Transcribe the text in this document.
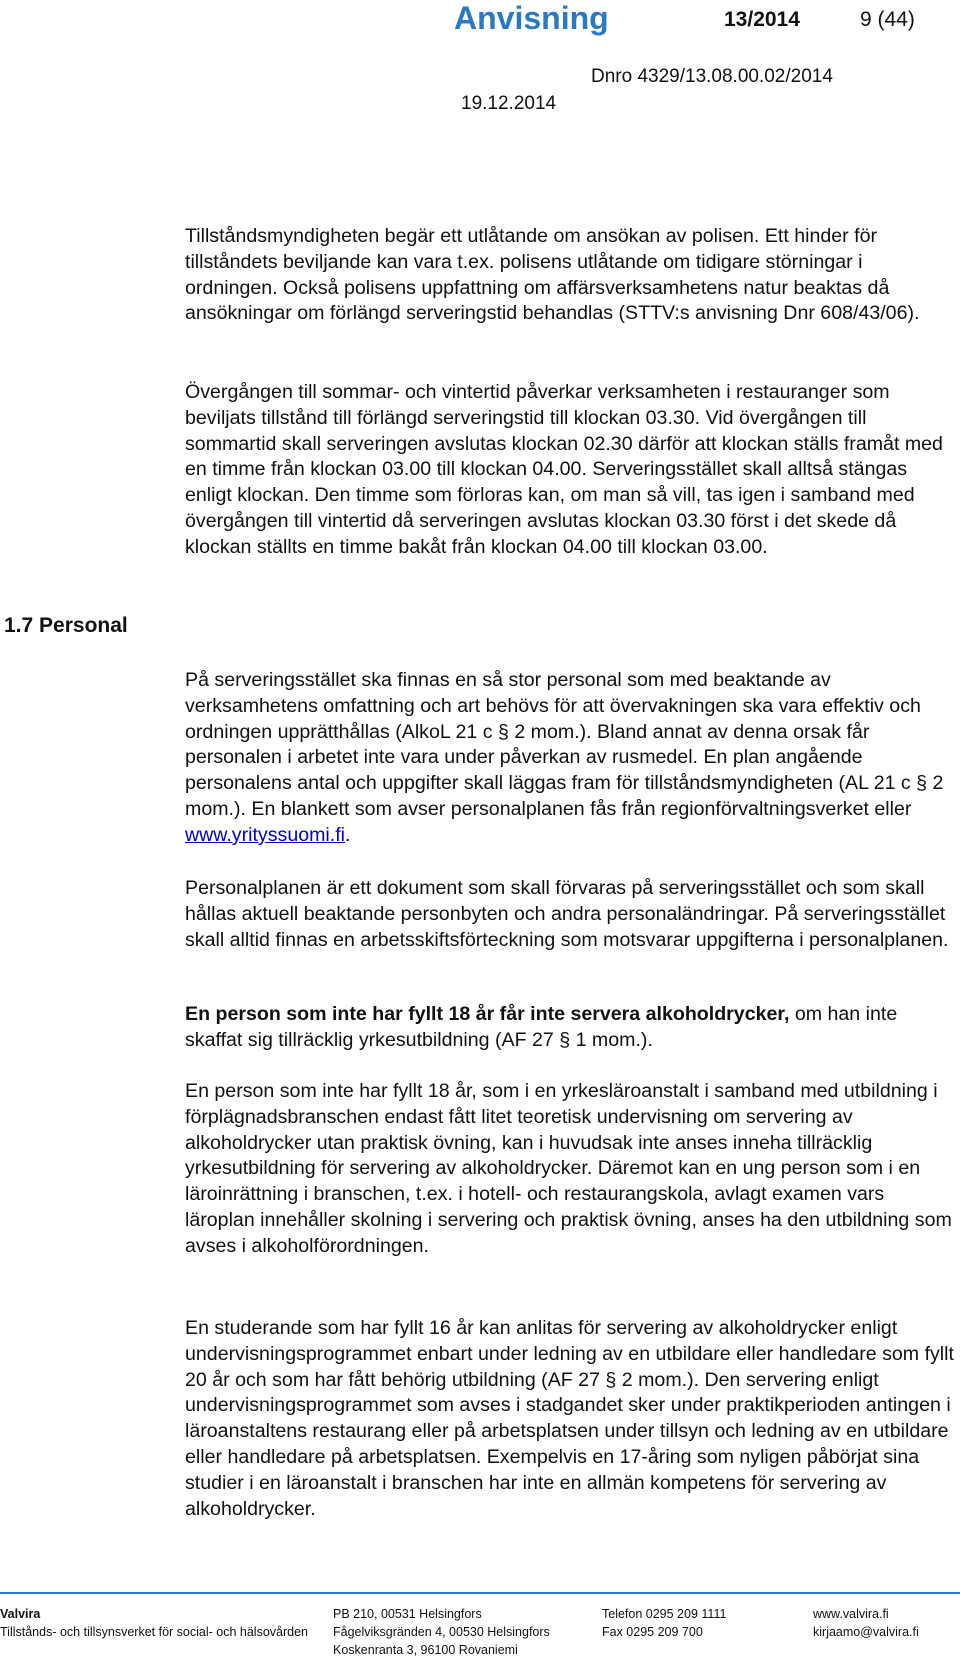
Anvisning	13/2014	9 (44)
Dnro 4329/13.08.00.02/2014
19.12.2014
1.7 Personal

Tillståndsmyndigheten begär ett utlåtande om ansökan av polisen. Ett hinder för tillståndets beviljande kan vara t.ex. polisens utlåtande om tidigare störningar i ordningen. Också polisens uppfattning om affärsverksamhetens natur beaktas då ansökningar om förlängd serveringstid behandlas (STTV:s anvisning Dnr 608/43/06).

Övergången till sommar- och vintertid påverkar verksamheten i restauranger som beviljats tillstånd till förlängd serveringstid till klockan 03.30. Vid övergången till sommartid skall serveringen avslutas klockan 02.30 därför att klockan ställs framåt med en timme från klockan 03.00 till klockan 04.00. Serveringsstället skall alltså stängas enligt klockan. Den timme som förloras kan, om man så vill, tas igen i samband med övergången till vintertid då serveringen avslutas klockan 03.30 först i det skede då klockan ställts en timme bakåt från klockan 04.00 till klockan 03.00.

På serveringsstället ska finnas en så stor personal som med beaktande av verksamhetens omfattning och art behövs för att övervakningen ska vara effektiv och ordningen upprätthållas (AlkoL 21 c § 2 mom.). Bland annat av denna orsak får personalen i arbetet inte vara under påverkan av rusmedel. En plan angående personalens antal och uppgifter skall läggas fram för tillståndsmyndigheten (AL 21 c § 2 mom.). En blankett som avser personalplanen fås från regionförvaltningsverket eller www.yrityssuomi.fi.

Personalplanen är ett dokument som skall förvaras på serveringsstället och som skall hållas aktuell beaktande personbyten och andra personaländringar. På serveringsstället skall alltid finnas en arbetsskiftsförteckning som motsvarar uppgifterna i personalplanen.

En person som inte har fyllt 18 år får inte servera alkoholdrycker, om han inte skaffat sig tillräcklig yrkesutbildning (AF 27 § 1 mom.).

En person som inte har fyllt 18 år, som i en yrkesläroanstalt i samband med utbildning i förplägnadsbranschen endast fått litet teoretisk undervisning om servering av alkoholdrycker utan praktisk övning, kan i huvudsak inte anses inneha tillräcklig yrkesutbildning för servering av alkoholdrycker. Däremot kan en ung person som i en läroinrättning i branschen, t.ex. i hotell- och restaurangskola, avlagt examen vars läroplan innehåller skolning i servering och praktisk övning, anses ha den utbildning som avses i alkoholförordningen.

En studerande som har fyllt 16 år kan anlitas för servering av alkoholdrycker enligt undervisningsprogrammet enbart under ledning av en utbildare eller handledare som fyllt 20 år och som har fått behörig utbildning (AF 27 § 2 mom.). Den servering enligt undervisningsprogrammet som avses i stadgandet sker under praktikperioden antingen i läroanstaltens restaurang eller på arbetsplatsen under tillsyn och ledning av en utbildare eller handledare på arbetsplatsen. Exempelvis en 17-åring som nyligen påbörjat sina studier i en läroanstalt i branschen har inte en allmän kompetens för servering av alkoholdrycker.

Valvira
Tillstånds- och tillsynsverket för social- och hälsovården
PB 210, 00531 Helsingfors
Fågelviksgränden 4, 00530 Helsingfors
Koskenranta 3, 96100 Rovaniemi
Telefon 0295 209 1111
Fax 0295 209 700
www.valvira.fi
kirjaamo@valvira.fi
